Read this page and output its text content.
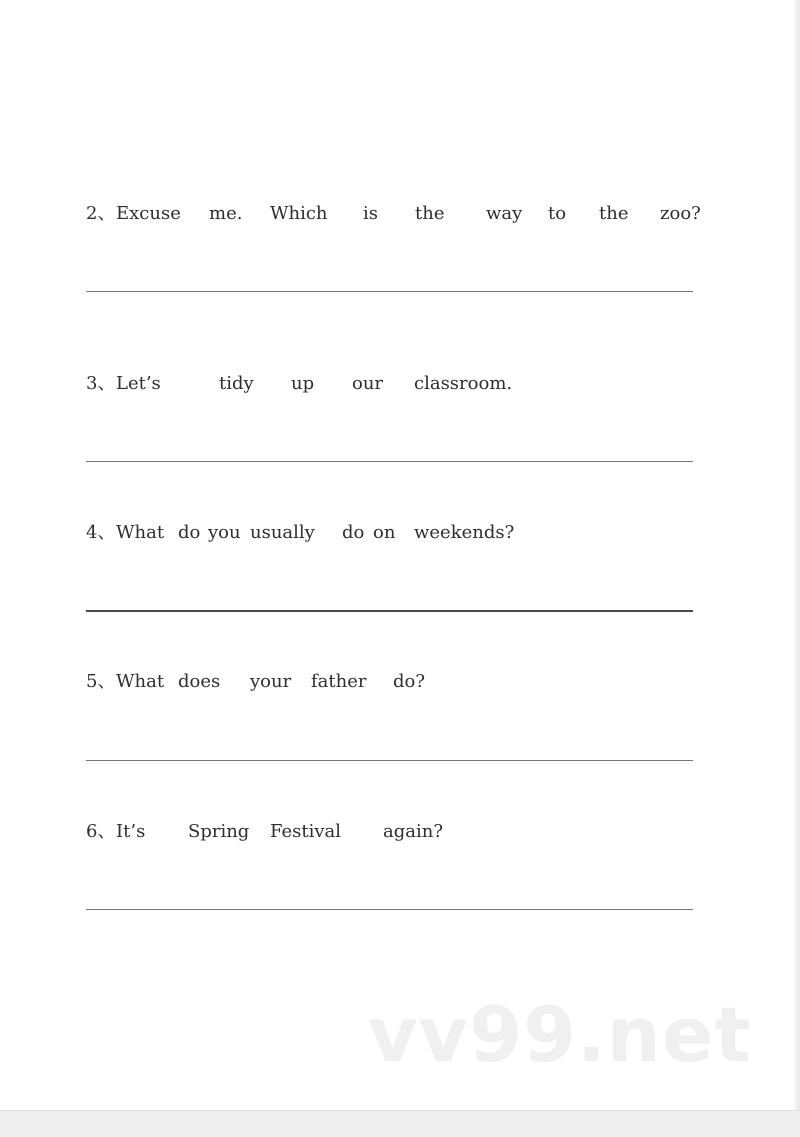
2、 Excuse me. Which is the way to the zoo?
3、 Let’s	tidy up our classroom.
4、 What do you usually do on weekends?
5、 What does your father do?
6、 It’s Spring Festival again?
vv99.net
